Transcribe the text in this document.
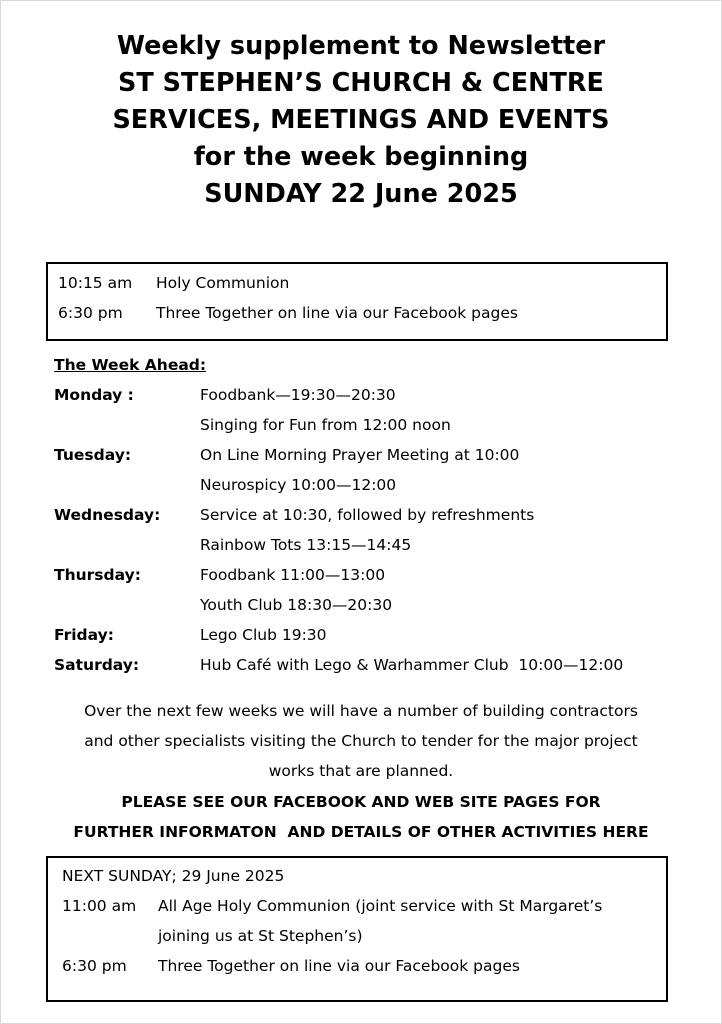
Weekly supplement to Newsletter
ST STEPHEN’S CHURCH & CENTRE
SERVICES, MEETINGS AND EVENTS
for the week beginning
SUNDAY 22 June 2025
10:15 am Holy Communion
6:30 pm Three Together on line via our Facebook pages
The Week Ahead:
Monday :	Foodbank—19:30—20:30
Singing for Fun from 12:00 noon
Tuesday:	On Line Morning Prayer Meeting at 10:00
Neurospicy 10:00—12:00
Wednesday:	Service at 10:30, followed by refreshments
Rainbow Tots 13:15—14:45
Thursday:	Foodbank 11:00—13:00
Youth Club 18:30—20:30
Friday:	Lego Club 19:30
Saturday:	Hub Café with Lego & Warhammer Club  10:00—12:00
Over the next few weeks we will have a number of building contractors
and other specialists visiting the Church to tender for the major project
works that are planned.
PLEASE SEE OUR FACEBOOK AND WEB SITE PAGES FOR
FURTHER INFORMATON  AND DETAILS OF OTHER ACTIVITIES HERE
NEXT SUNDAY; 29 June 2025
11:00 am All Age Holy Communion (joint service with St Margaret’s
joining us at St Stephen’s)
6:30 pm Three Together on line via our Facebook pages
